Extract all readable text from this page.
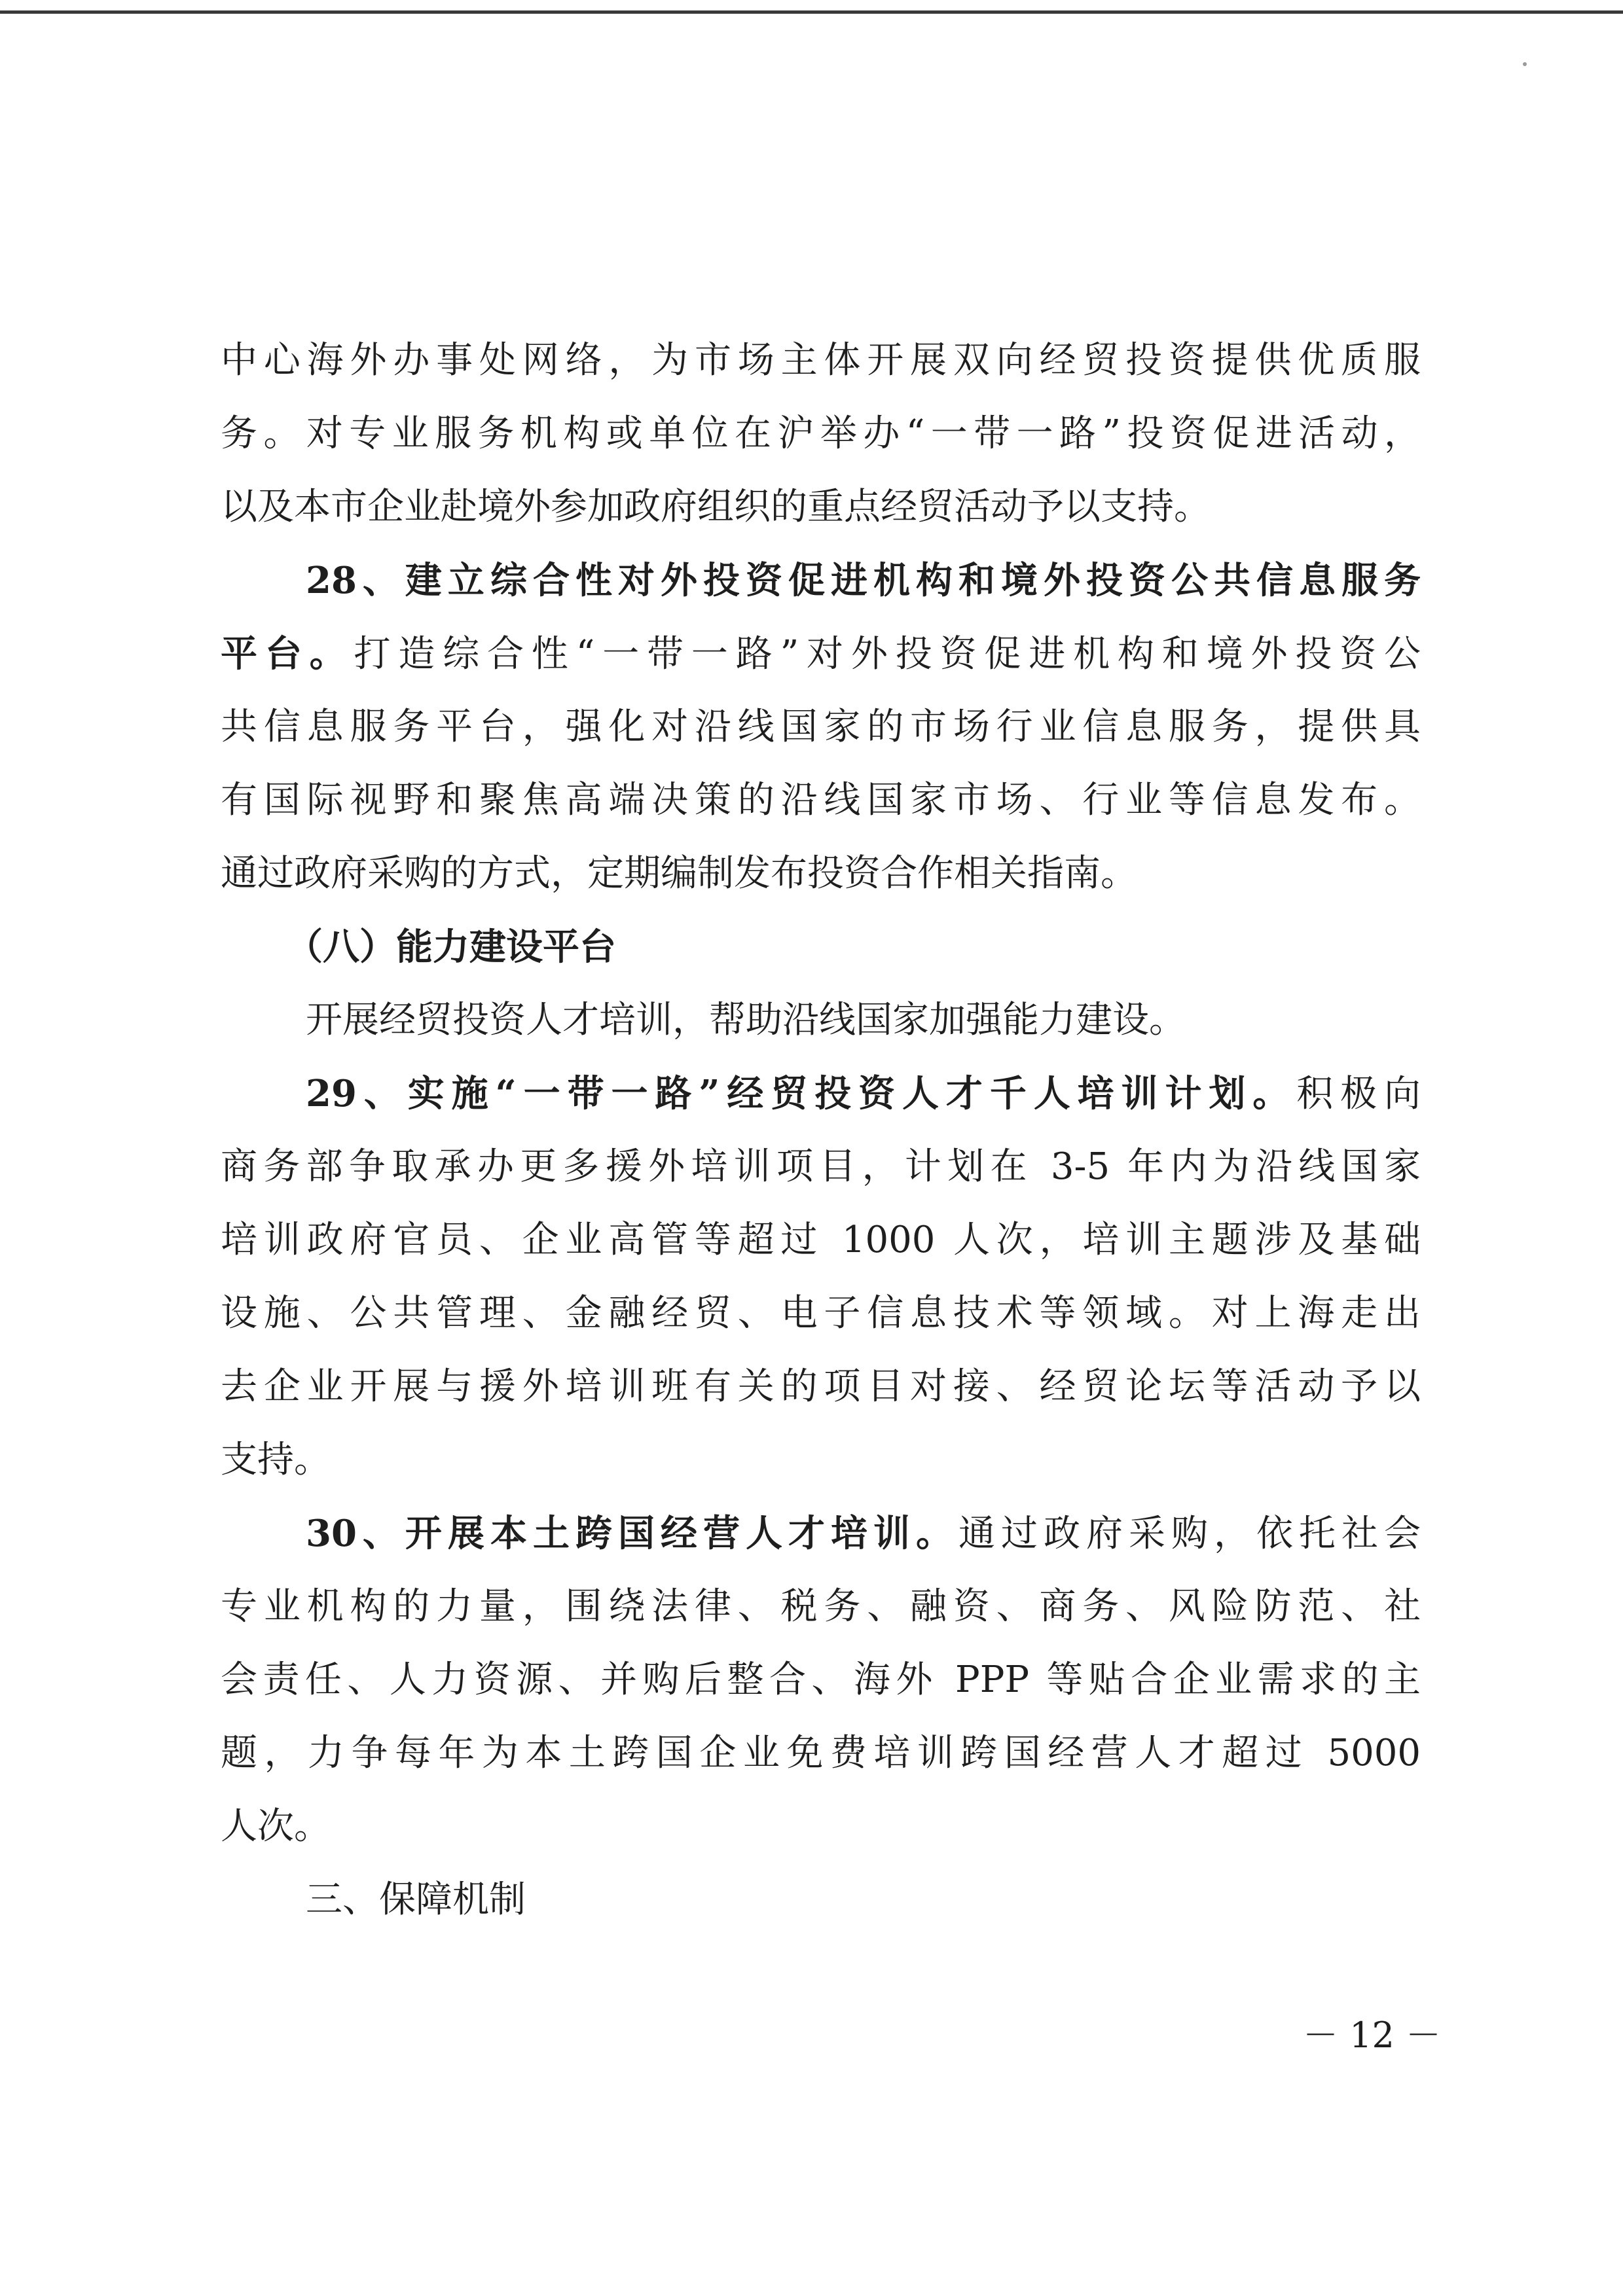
中心海外办事处网络，为市场主体开展双向经贸投资提供优质服
务。对专业服务机构或单位在沪举办“一带一路”投资促进活动，
以及本市企业赴境外参加政府组织的重点经贸活动予以支持。
28、建立综合性对外投资促进机构和境外投资公共信息服务
平台。打造综合性“一带一路”对外投资促进机构和境外投资公
共信息服务平台，强化对沿线国家的市场行业信息服务，提供具
有国际视野和聚焦高端决策的沿线国家市场、行业等信息发布。
通过政府采购的方式，定期编制发布投资合作相关指南。
（八）能力建设平台
开展经贸投资人才培训，帮助沿线国家加强能力建设。
29、实施“一带一路”经贸投资人才千人培训计划。积极向
商务部争取承办更多援外培训项目，计划在 3-5 年内为沿线国家
培训政府官员、企业高管等超过 1000 人次，培训主题涉及基础
设施、公共管理、金融经贸、电子信息技术等领域。对上海走出
去企业开展与援外培训班有关的项目对接、经贸论坛等活动予以
支持。
30、开展本土跨国经营人才培训。通过政府采购，依托社会
专业机构的力量，围绕法律、税务、融资、商务、风险防范、社
会责任、人力资源、并购后整合、海外 PPP 等贴合企业需求的主
题，力争每年为本土跨国企业免费培训跨国经营人才超过 5000
人次。
三、保障机制
－ 12 －
